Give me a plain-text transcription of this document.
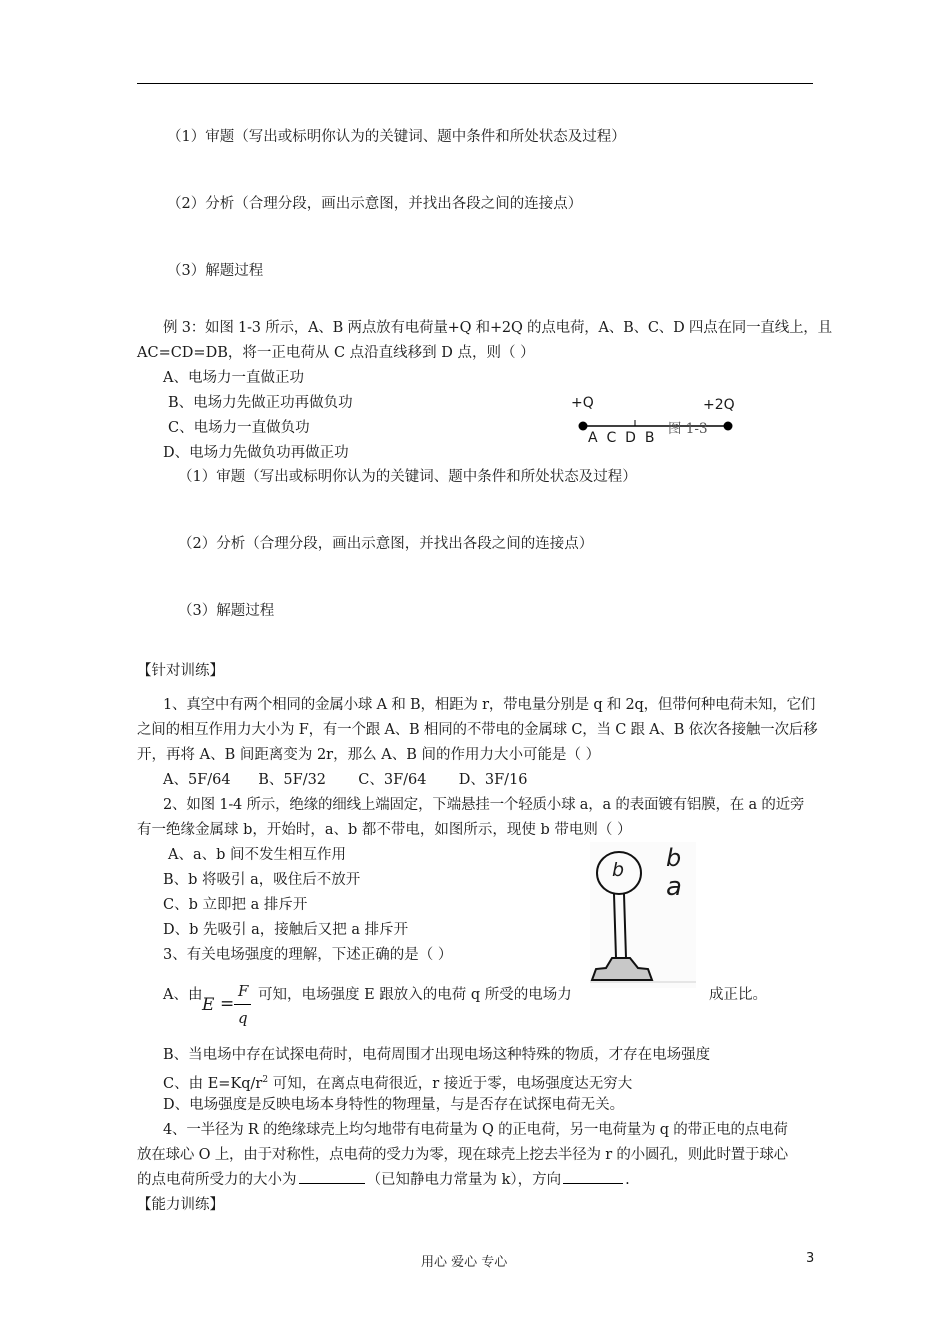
（1）审题（写出或标明你认为的关键词、题中条件和所处状态及过程）
（2）分析（合理分段，画出示意图，并找出各段之间的连接点）
（3）解题过程
例 3：如图 1-3 所示，A、B 两点放有电荷量+Q 和+2Q 的点电荷，A、B、C、D 四点在同一直线上，且
AC=CD=DB，将一正电荷从 C 点沿直线移到 D 点，则（ ）
A、电场力一直做正功
B、电场力先做正功再做负功
C、电场力一直做负功
D、电场力先做负功再做正功
+Q	+2Q
A  C  D  B
图 1-3
（1）审题（写出或标明你认为的关键词、题中条件和所处状态及过程）
（2）分析（合理分段，画出示意图，并找出各段之间的连接点）
（3）解题过程
【针对训练】
1、真空中有两个相同的金属小球 A 和 B，相距为 r，带电量分别是 q 和 2q，但带何种电荷未知，它们
之间的相互作用力大小为 F，有一个跟 A、B 相同的不带电的金属球 C，当 C 跟 A、B 依次各接触一次后移
开，再将 A、B 间距离变为 2r，那么 A、B 间的作用力大小可能是（ ）
A、5F/64      B、5F/32       C、3F/64       D、3F/16
2、如图 1-4 所示，绝缘的细线上端固定，下端悬挂一个轻质小球 a，a 的表面镀有铝膜，在 a 的近旁
有一绝缘金属球 b，开始时，a、b 都不带电，如图所示，现使 b 带电则（ ）
A、a、b 间不发生相互作用
B、b 将吸引 a，吸住后不放开
C、b 立即把 a 排斥开
D、b 先吸引 a，接触后又把 a 排斥开
b b
a
3、有关电场强度的理解，下述正确的是（ ）
A、由 E =
F
q
可知，电场强度 E 跟放入的电荷 q 所受的电场力	成正比。
B、当电场中存在试探电荷时，电荷周围才出现电场这种特殊的物质，才存在电场强度
C、由 $E=Kq/r^2$ 可知，在离点电荷很近，r 接近于零，电场强度达无穷大
D、电场强度是反映电场本身特性的物理量，与是否存在试探电荷无关。
4、一半径为 R 的绝缘球壳上均匀地带有电荷量为 Q 的正电荷，另一电荷量为 q 的带正电的点电荷
放在球心 O 上，由于对称性，点电荷的受力为零，现在球壳上挖去半径为 r 的小圆孔，则此时置于球心
的点电荷所受力的大小为	（已知静电力常量为 k），方向	.
【能力训练】
用心 爱心 专心	3
